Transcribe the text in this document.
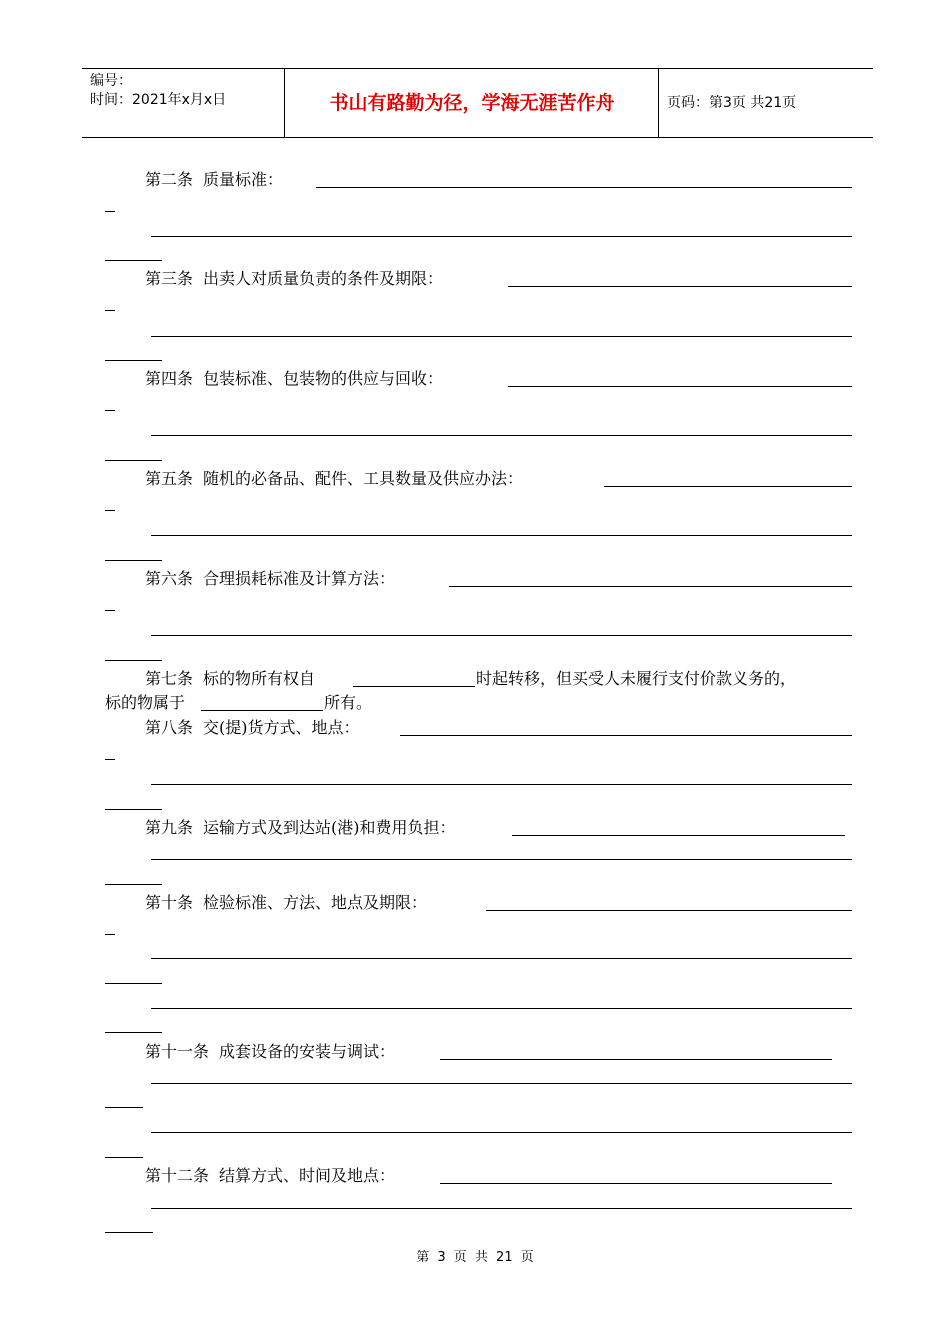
编号：
时间：2021年x月x日	书山有路勤为径，学海无涯苦作舟	页码：第3页 共21页
第二条 质量标准：
第三条 出卖人对质量负责的条件及期限：
第四条 包装标准、包装物的供应与回收：
第五条 随机的必备品、配件、工具数量及供应办法：
第六条 合理损耗标准及计算方法：
第七条 标的物所有权自	时起转移，但买受人未履行支付价款义务的，
标的物属于	所有。
第八条 交(提)货方式、地点：
第九条 运输方式及到达站(港)和费用负担：
第十条 检验标准、方法、地点及期限：
第十一条 成套设备的安装与调试：
第十二条 结算方式、时间及地点：
第 3 页 共 21 页
